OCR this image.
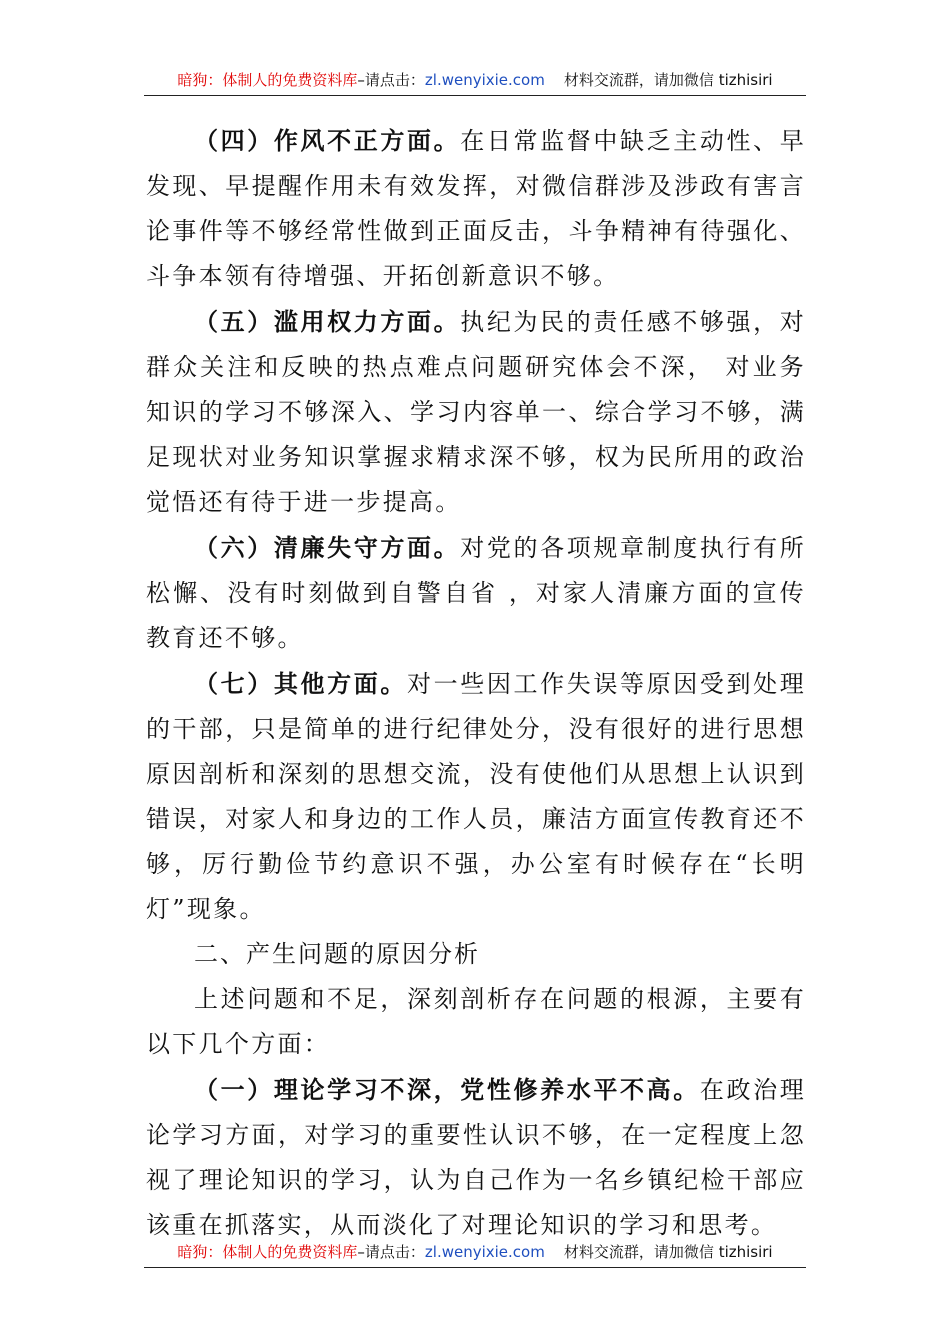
暗狗：体制人的免费资料库–请点击：zl.wenyixie.com 材料交流群，请加微信 tizhisiri

（四）作风不正方面。在日常监督中缺乏主动性、早发现、早提醒作用未有效发挥，对微信群涉及涉政有害言论事件等不够经常性做到正面反击，斗争精神有待强化、斗争本领有待增强、开拓创新意识不够。

（五）滥用权力方面。执纪为民的责任感不够强，对群众关注和反映的热点难点问题研究体会不深， 对业务知识的学习不够深入、学习内容单一、综合学习不够，满足现状对业务知识掌握求精求深不够，权为民所用的政治觉悟还有待于进一步提高。

（六）清廉失守方面。对党的各项规章制度执行有所松懈、没有时刻做到自警自省 ，对家人清廉方面的宣传教育还不够。

（七）其他方面。对一些因工作失误等原因受到处理的干部，只是简单的进行纪律处分，没有很好的进行思想原因剖析和深刻的思想交流，没有使他们从思想上认识到错误，对家人和身边的工作人员，廉洁方面宣传教育还不够，厉行勤俭节约意识不强，办公室有时候存在“长明灯”现象。

二、产生问题的原因分析

上述问题和不足，深刻剖析存在问题的根源，主要有以下几个方面：

（一）理论学习不深，党性修养水平不高。在政治理论学习方面，对学习的重要性认识不够，在一定程度上忽视了理论知识的学习，认为自己作为一名乡镇纪检干部应该重在抓落实，从而淡化了对理论知识的学习和思考。

暗狗：体制人的免费资料库–请点击：zl.wenyixie.com 材料交流群，请加微信 tizhisiri
